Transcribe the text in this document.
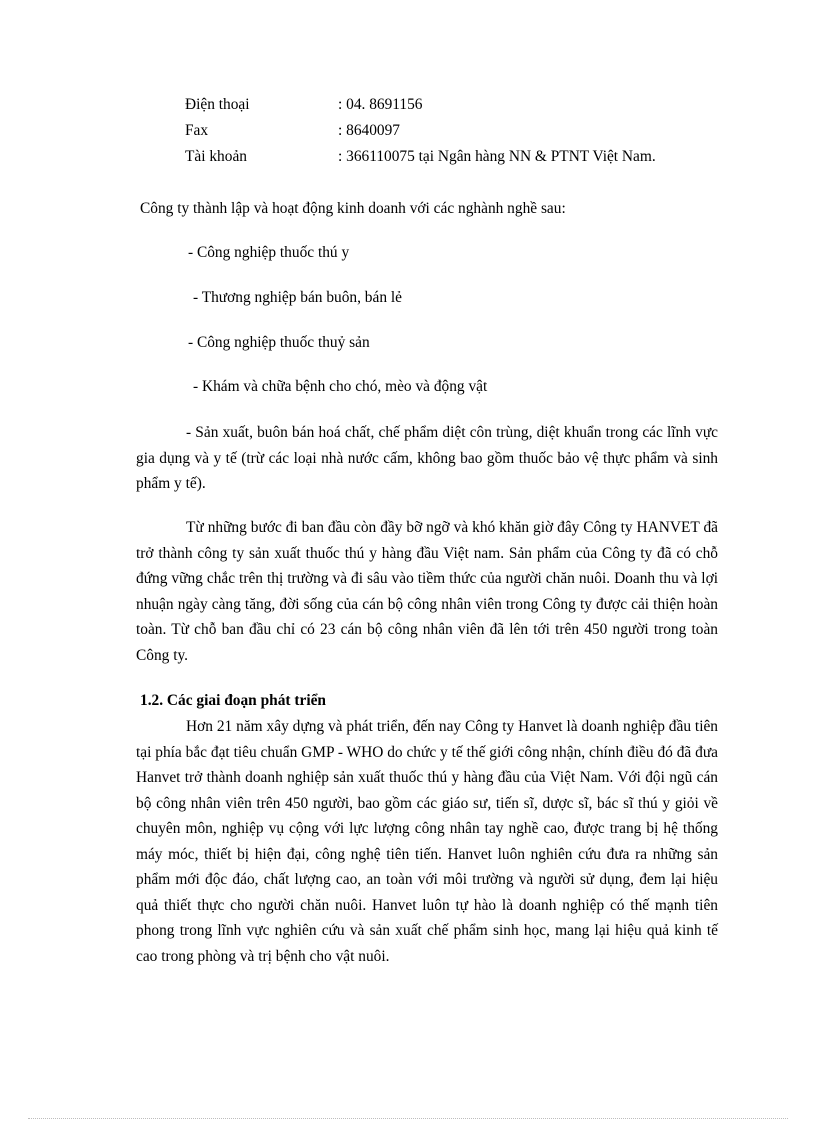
Điện thoại	: 04. 8691156
Fax	: 8640097
Tài khoản	: 366110075 tại Ngân hàng NN & PTNT Việt Nam.
Công ty thành lập và hoạt động kinh doanh với các nghành nghề sau:
- Công nghiệp thuốc thú y
- Thương nghiệp bán buôn, bán lẻ
- Công nghiệp thuốc thuỷ sản
- Khám và chữa bệnh cho chó, mèo và động vật
- Sản xuất, buôn bán hoá chất, chế phẩm diệt côn trùng, diệt khuẩn trong các lĩnh vực gia dụng và y tế (trừ các loại nhà nước cấm, không bao gồm thuốc bảo vệ thực phẩm và sinh phẩm y tế).
Từ những bước đi ban đầu còn đầy bỡ ngỡ và khó khăn giờ đây Công ty HANVET đã trở thành công ty sản xuất thuốc thú y hàng đầu Việt nam. Sản phẩm của Công ty đã có chỗ đứng vững chắc trên thị trường và đi sâu vào tiềm thức của người chăn nuôi. Doanh thu và lợi nhuận ngày càng tăng, đời sống của cán bộ công nhân viên trong Công ty được cải thiện hoàn toàn. Từ chỗ ban đầu chỉ có 23 cán bộ công nhân viên đã lên tới trên 450 người trong toàn Công ty.
1.2. Các giai đoạn phát triển
Hơn 21 năm xây dựng và phát triển, đến nay Công ty Hanvet là doanh nghiệp đầu tiên tại phía bắc đạt tiêu chuẩn GMP - WHO do chức y tế thế giới công nhận, chính điều đó đã đưa Hanvet trở thành doanh nghiệp sản xuất thuốc thú y hàng đầu của Việt Nam. Với đội ngũ cán bộ công nhân viên trên 450 người, bao gồm các giáo sư, tiến sĩ, dược sĩ, bác sĩ thú y giỏi về chuyên môn, nghiệp vụ cộng với lực lượng công nhân tay nghề cao, được trang bị hệ thống máy móc, thiết bị hiện đại, công nghệ tiên tiến. Hanvet luôn nghiên cứu đưa ra những sản phẩm mới độc đáo, chất lượng cao, an toàn với môi trường và người sử dụng, đem lại hiệu quả thiết thực cho người chăn nuôi. Hanvet luôn tự hào là doanh nghiệp có thế mạnh tiên phong trong lĩnh vực nghiên cứu và sản xuất chế phẩm sinh học, mang lại hiệu quả kinh tế cao trong phòng và trị bệnh cho vật nuôi.
